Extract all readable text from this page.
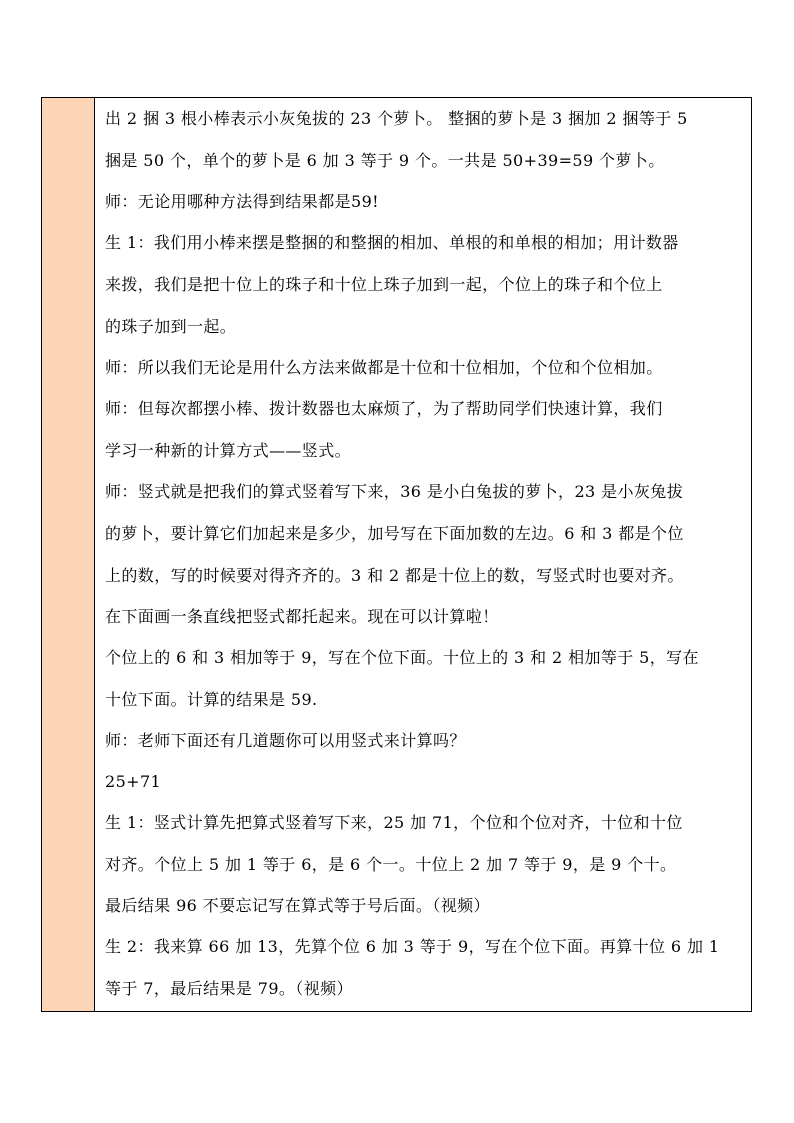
出 2 捆 3 根小棒表示小灰兔拔的 23 个萝卜。 整捆的萝卜是 3 捆加 2 捆等于 5
捆是 50 个，单个的萝卜是 6 加 3 等于 9 个。一共是 50+39=59 个萝卜。
师：无论用哪种方法得到结果都是59!
生 1：我们用小棒来摆是整捆的和整捆的相加、单根的和单根的相加；用计数器
来拨，我们是把十位上的珠子和十位上珠子加到一起，个位上的珠子和个位上
的珠子加到一起。
师：所以我们无论是用什么方法来做都是十位和十位相加，个位和个位相加。
师：但每次都摆小棒、拨计数器也太麻烦了，为了帮助同学们快速计算，我们
学习一种新的计算方式——竖式。
师：竖式就是把我们的算式竖着写下来，36 是小白兔拔的萝卜，23 是小灰兔拔
的萝卜，要计算它们加起来是多少，加号写在下面加数的左边。6 和 3 都是个位
上的数，写的时候要对得齐齐的。3 和 2 都是十位上的数，写竖式时也要对齐。
在下面画一条直线把竖式都托起来。现在可以计算啦！
个位上的 6 和 3 相加等于 9，写在个位下面。十位上的 3 和 2 相加等于 5，写在
十位下面。计算的结果是 59.
师：老师下面还有几道题你可以用竖式来计算吗？
25+71
生 1：竖式计算先把算式竖着写下来，25 加 71，个位和个位对齐，十位和十位
对齐。个位上 5 加 1 等于 6，是 6 个一。十位上 2 加 7 等于 9，是 9 个十。
最后结果 96 不要忘记写在算式等于号后面。（视频）
生 2：我来算 66 加 13，先算个位 6 加 3 等于 9，写在个位下面。再算十位 6 加 1
等于 7，最后结果是 79。（视频）
